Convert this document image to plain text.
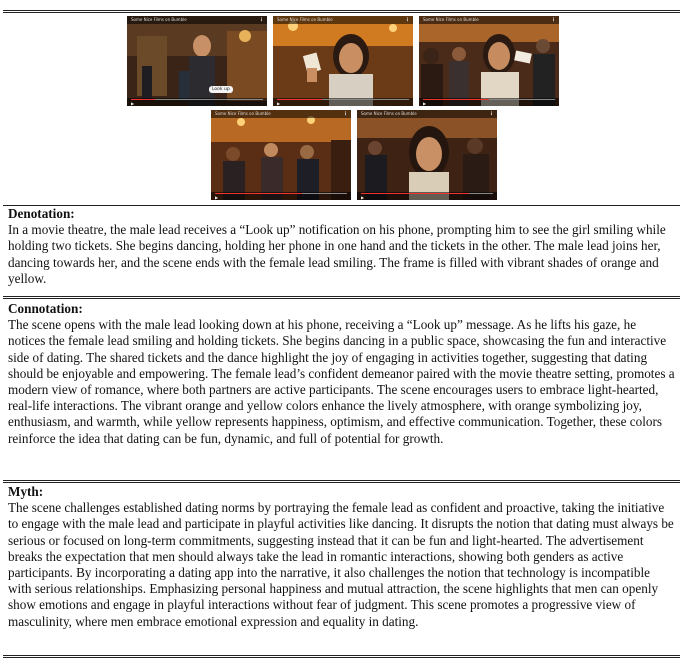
Look up
Some Nice Films on Bumble	⋮
▶
Some Nice Films on Bumble	⋮
▶
Some Nice Films on Bumble	⋮
▶
Some Nice Films on Bumble	⋮
▶
Some Nice Films on Bumble	⋮
▶
Denotation:
In a movie theatre, the male lead receives a “Look up” notification on his phone, prompting him to see the girl smiling while holding two tickets. She begins dancing, holding her phone in one hand and the tickets in the other. The male lead joins her, dancing towards her, and the scene ends with the female lead smiling. The frame is filled with vibrant shades of orange and yellow.
Connotation:
The scene opens with the male lead looking down at his phone, receiving a “Look up” message. As he lifts his gaze, he notices the female lead smiling and holding tickets. She begins dancing in a public space, showcasing the fun and interactive side of dating. The shared tickets and the dance highlight the joy of engaging in activities together, suggesting that dating should be enjoyable and empowering. The female lead’s confident demeanor paired with the movie theatre setting, promotes a modern view of romance, where both partners are active participants. The scene encourages users to embrace light-hearted, real-life interactions. The vibrant orange and yellow colors enhance the lively atmosphere, with orange symbolizing joy, enthusiasm, and warmth, while yellow represents happiness, optimism, and effective communication. Together, these colors reinforce the idea that dating can be fun, dynamic, and full of potential for growth.
Myth:
The scene challenges established dating norms by portraying the female lead as confident and proactive, taking the initiative to engage with the male lead and participate in playful activities like dancing. It disrupts the notion that dating must always be serious or focused on long-term commitments, suggesting instead that it can be fun and light-hearted. The advertisement breaks the expectation that men should always take the lead in romantic interactions, showing both genders as active participants. By incorporating a dating app into the narrative, it also challenges the notion that technology is incompatible with serious relationships. Emphasizing personal happiness and mutual attraction, the scene highlights that men can openly show emotions and engage in playful interactions without fear of judgment. This scene promotes a progressive view of masculinity, where men embrace emotional expression and equality in dating.
